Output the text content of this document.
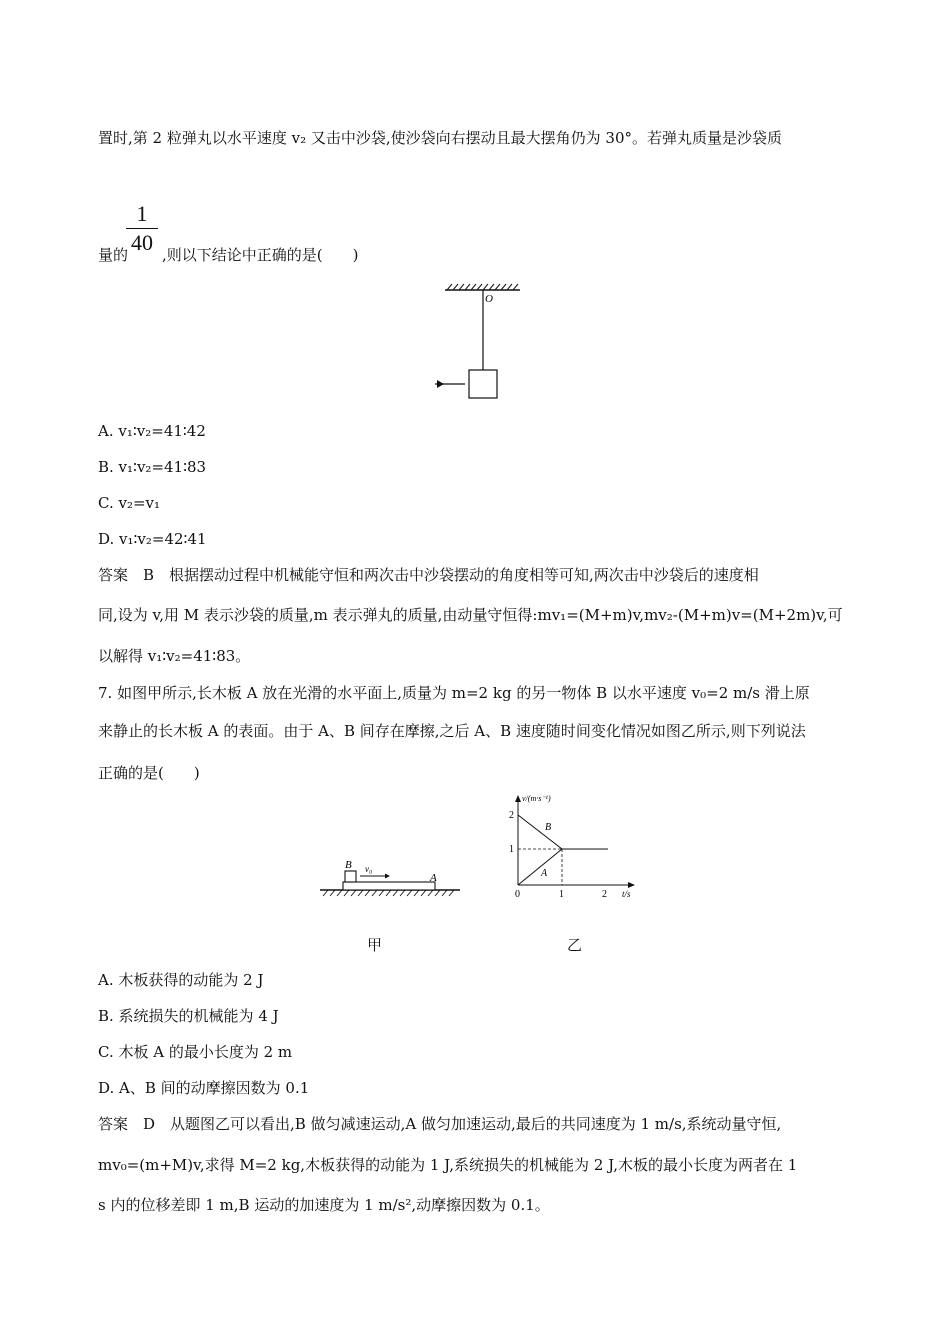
置时,第 2 粒弹丸以水平速度 v₂ 又击中沙袋,使沙袋向右摆动且最大摆角仍为 30°。若弹丸质量是沙袋质
1
40
量的 ,则以下结论中正确的是(　　)
O
A. v₁∶v₂=41∶42
B. v₁∶v₂=41∶83
C. v₂=v₁
D. v₁∶v₂=42∶41
答案　B　根据摆动过程中机械能守恒和两次击中沙袋摆动的角度相等可知,两次击中沙袋后的速度相
同,设为 v,用 M 表示沙袋的质量,m 表示弹丸的质量,由动量守恒得:mv₁=(M+m)v,mv₂-(M+m)v=(M+2m)v,可
以解得 v₁∶v₂=41∶83。
7. 如图甲所示,长木板 A 放在光滑的水平面上,质量为 m=2 kg 的另一物体 B 以水平速度 v₀=2 m/s 滑上原
来静止的长木板 A 的表面。由于 A、B 间存在摩擦,之后 A、B 速度随时间变化情况如图乙所示,则下列说法
正确的是(　　)
B v₀
A
甲
v/(m·s⁻¹)
t/s
2
1
0	1	2
B
A
乙
A. 木板获得的动能为 2 J
B. 系统损失的机械能为 4 J
C. 木板 A 的最小长度为 2 m
D. A、B 间的动摩擦因数为 0.1
答案　D　从题图乙可以看出,B 做匀减速运动,A 做匀加速运动,最后的共同速度为 1 m/s,系统动量守恒,
mv₀=(m+M)v,求得 M=2 kg,木板获得的动能为 1 J,系统损失的机械能为 2 J,木板的最小长度为两者在 1
s 内的位移差即 1 m,B 运动的加速度为 1 m/s²,动摩擦因数为 0.1。
